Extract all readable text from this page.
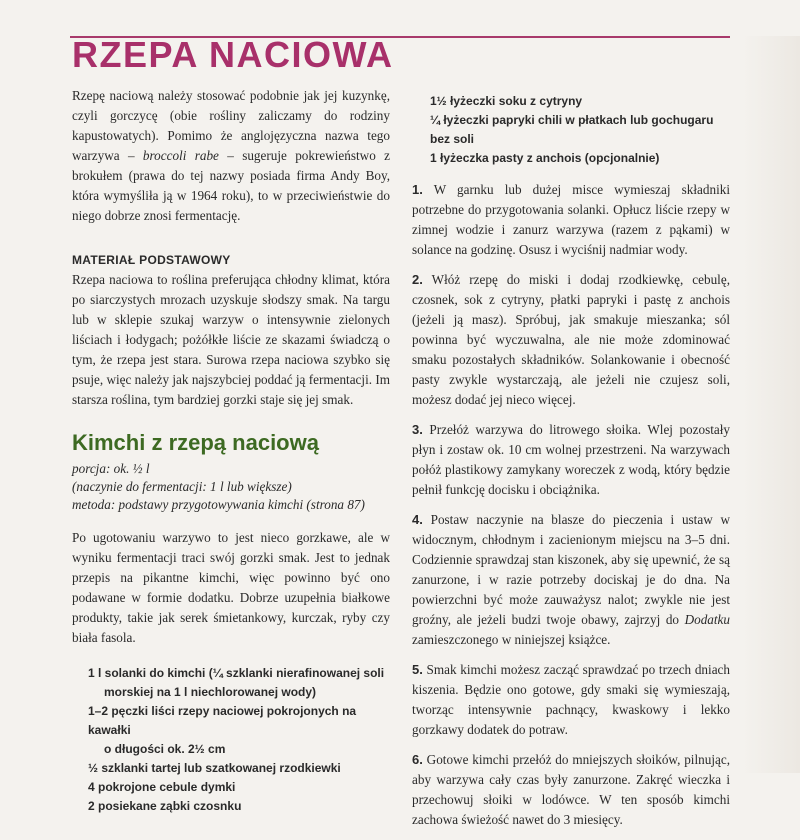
RZEPA NACIOWA

Rzepę naciową należy stosować podobnie jak jej kuzynkę, czyli gorczycę (obie rośliny zaliczamy do rodziny kapustowatych). Pomimo że anglojęzyczna nazwa tego warzywa – broccoli rabe – sugeruje pokrewieństwo z brokułem (prawa do tej nazwy posiada firma Andy Boy, która wymyśliła ją w 1964 roku), to w przeciwieństwie do niego dobrze znosi fermentację.

MATERIAŁ PODSTAWOWY

Rzepa naciowa to roślina preferująca chłodny klimat, która po siarczystych mrozach uzyskuje słodszy smak. Na targu lub w sklepie szukaj warzyw o intensywnie zielonych liściach i łodygach; pożółkłe liście ze skazami świadczą o tym, że rzepa jest stara. Surowa rzepa naciowa szybko się psuje, więc należy jak najszybciej poddać ją fermentacji. Im starsza roślina, tym bardziej gorzki staje się jej smak.

Kimchi z rzepą naciową
porcja: ok. ½ l
(naczynie do fermentacji: 1 l lub większe)
metoda: podstawy przygotowywania kimchi (strona 87)

Po ugotowaniu warzywo to jest nieco gorzkawe, ale w wyniku fermentacji traci swój gorzki smak. Jest to jednak przepis na pikantne kimchi, więc powinno być ono podawane w formie dodatku. Dobrze uzupełnia białkowe produkty, takie jak serek śmietankowy, kurczak, ryby czy biała fasola.

1 l solanki do kimchi (¼ szklanki nierafinowanej soli
morskiej na 1 l niechlorowanej wody)
1–2 pęczki liści rzepy naciowej pokrojonych na kawałki
o długości ok. 2½ cm
½ szklanki tartej lub szatkowanej rzodkiewki
4 pokrojone cebule dymki
2 posiekane ząbki czosnku
1½ łyżeczki soku z cytryny
¼ łyżeczki papryki chili w płatkach lub gochugaru bez soli
1 łyżeczka pasty z anchois (opcjonalnie)

1. W garnku lub dużej misce wymieszaj składniki potrzebne do przygotowania solanki. Opłucz liście rzepy w zimnej wodzie i zanurz warzywa (razem z pąkami) w solance na godzinę. Osusz i wyciśnij nadmiar wody.

2. Włóż rzepę do miski i dodaj rzodkiewkę, cebulę, czosnek, sok z cytryny, płatki papryki i pastę z anchois (jeżeli ją masz). Spróbuj, jak smakuje mieszanka; sól powinna być wyczuwalna, ale nie może zdominować smaku pozostałych składników. Solankowanie i obecność pasty zwykle wystarczają, ale jeżeli nie czujesz soli, możesz dodać jej nieco więcej.

3. Przełóż warzywa do litrowego słoika. Wlej pozostały płyn i zostaw ok. 10 cm wolnej przestrzeni. Na warzywach połóż plastikowy zamykany woreczek z wodą, który będzie pełnił funkcję docisku i obciążnika.

4. Postaw naczynie na blasze do pieczenia i ustaw w widocznym, chłodnym i zacienionym miejscu na 3–5 dni. Codziennie sprawdzaj stan kiszonek, aby się upewnić, że są zanurzone, i w razie potrzeby dociskaj je do dna. Na powierzchni być może zauważysz nalot; zwykle nie jest groźny, ale jeżeli budzi twoje obawy, zajrzyj do Dodatku zamieszczonego w niniejszej książce.

5. Smak kimchi możesz zacząć sprawdzać po trzech dniach kiszenia. Będzie ono gotowe, gdy smaki się wymieszają, tworząc intensywnie pachnący, kwaskowy i lekko gorzkawy dodatek do potraw.

6. Gotowe kimchi przełóż do mniejszych słoików, pilnując, aby warzywa cały czas były zanurzone. Zakręć wieczka i przechowuj słoiki w lodówce. W ten sposób kimchi zachowa świeżość nawet do 3 miesięcy.
